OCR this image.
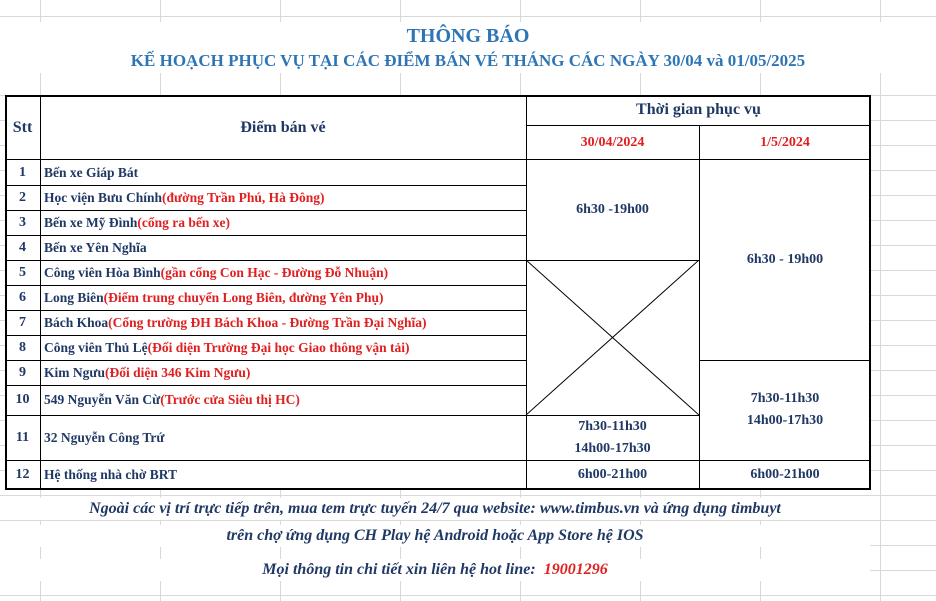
THÔNG BÁO
KẾ HOẠCH PHỤC VỤ TẠI CÁC ĐIỂM BÁN VÉ THÁNG CÁC NGÀY 30/04 và 01/05/2025
Stt	Điểm bán vé
Thời gian phục vụ
30/04/2024	1/5/2024
1
2
3
4
5
6
7
8
9
10
11
12
Bến xe Giáp Bát
Học viện Bưu Chính (đường Trần Phú, Hà Đông)
Bến xe Mỹ Đình (cổng ra bến xe)
Bến xe Yên Nghĩa
Công viên Hòa Bình (gần cổng Con Hạc - Đường Đỗ Nhuận)
Long Biên (Điểm trung chuyển Long Biên, đường Yên Phụ)
Bách Khoa (Cổng trường ĐH Bách Khoa - Đường Trần Đại Nghĩa)
Công viên Thủ Lệ (Đối diện Trường Đại học Giao thông vận tải)
Kim Ngưu (Đối diện 346 Kim Ngưu)
549 Nguyễn Văn Cừ (Trước cửa Siêu thị HC)
32 Nguyễn Công Trứ
Hệ thống nhà chờ BRT
6h30 -19h00
7h30-11h30
14h00-17h30
6h00-21h00
6h30 - 19h00
7h30-11h30
14h00-17h30
6h00-21h00
Ngoài các vị trí trực tiếp trên, mua tem trực tuyến 24/7 qua website: www.timbus.vn và ứng dụng timbuyt
trên chợ ứng dụng CH Play hệ Android hoặc App Store hệ IOS
Mọi thông tin chi tiết xin liên hệ hot line: 19001296
